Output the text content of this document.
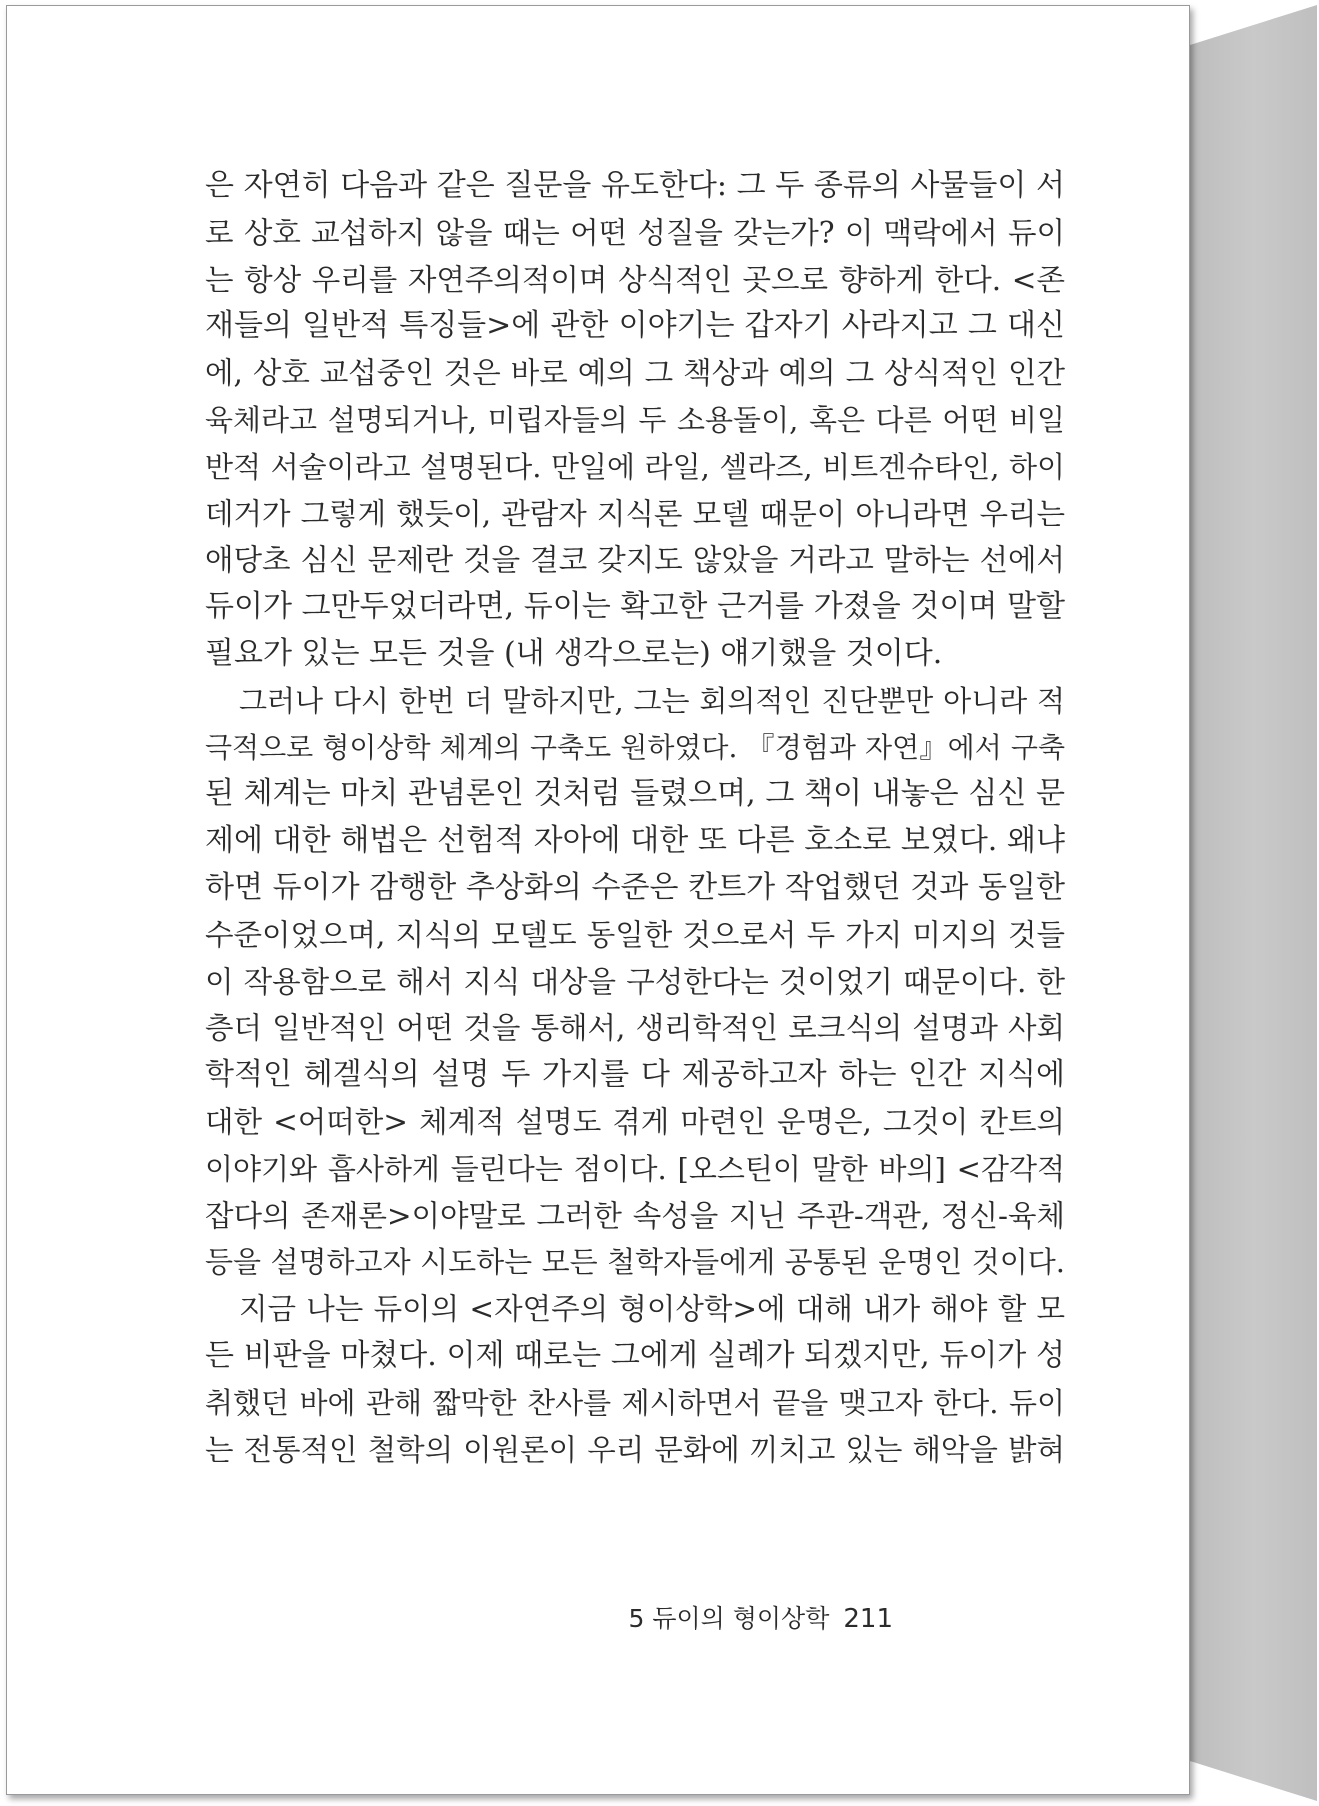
은 자연히 다음과 같은 질문을 유도한다: 그 두 종류의 사물들이 서
로 상호 교섭하지 않을 때는 어떤 성질을 갖는가? 이 맥락에서 듀이
는 항상 우리를 자연주의적이며 상식적인 곳으로 향하게 한다. <존
재들의 일반적 특징들>에 관한 이야기는 갑자기 사라지고 그 대신
에, 상호 교섭중인 것은 바로 예의 그 책상과 예의 그 상식적인 인간
육체라고 설명되거나, 미립자들의 두 소용돌이, 혹은 다른 어떤 비일
반적 서술이라고 설명된다. 만일에 라일, 셀라즈, 비트겐슈타인, 하이
데거가 그렇게 했듯이, 관람자 지식론 모델 때문이 아니라면 우리는
애당초 심신 문제란 것을 결코 갖지도 않았을 거라고 말하는 선에서
듀이가 그만두었더라면, 듀이는 확고한 근거를 가졌을 것이며 말할
필요가 있는 모든 것을 (내 생각으로는) 얘기했을 것이다.
그러나 다시 한번 더 말하지만, 그는 회의적인 진단뿐만 아니라 적
극적으로 형이상학 체계의 구축도 원하였다. 『경험과 자연』에서 구축
된 체계는 마치 관념론인 것처럼 들렸으며, 그 책이 내놓은 심신 문
제에 대한 해법은 선험적 자아에 대한 또 다른 호소로 보였다. 왜냐
하면 듀이가 감행한 추상화의 수준은 칸트가 작업했던 것과 동일한
수준이었으며, 지식의 모델도 동일한 것으로서 두 가지 미지의 것들
이 작용함으로 해서 지식 대상을 구성한다는 것이었기 때문이다. 한
층더 일반적인 어떤 것을 통해서, 생리학적인 로크식의 설명과 사회
학적인 헤겔식의 설명 두 가지를 다 제공하고자 하는 인간 지식에
대한 <어떠한> 체계적 설명도 겪게 마련인 운명은, 그것이 칸트의
이야기와 흡사하게 들린다는 점이다. [오스틴이 말한 바의] <감각적
잡다의 존재론>이야말로 그러한 속성을 지닌 주관-객관, 정신-육체
등을 설명하고자 시도하는 모든 철학자들에게 공통된 운명인 것이다.
지금 나는 듀이의 <자연주의 형이상학>에 대해 내가 해야 할 모
든 비판을 마쳤다. 이제 때로는 그에게 실례가 되겠지만, 듀이가 성
취했던 바에 관해 짧막한 찬사를 제시하면서 끝을 맺고자 한다. 듀이
는 전통적인 철학의 이원론이 우리 문화에 끼치고 있는 해악을 밝혀
5 듀이의 형이상학 211
